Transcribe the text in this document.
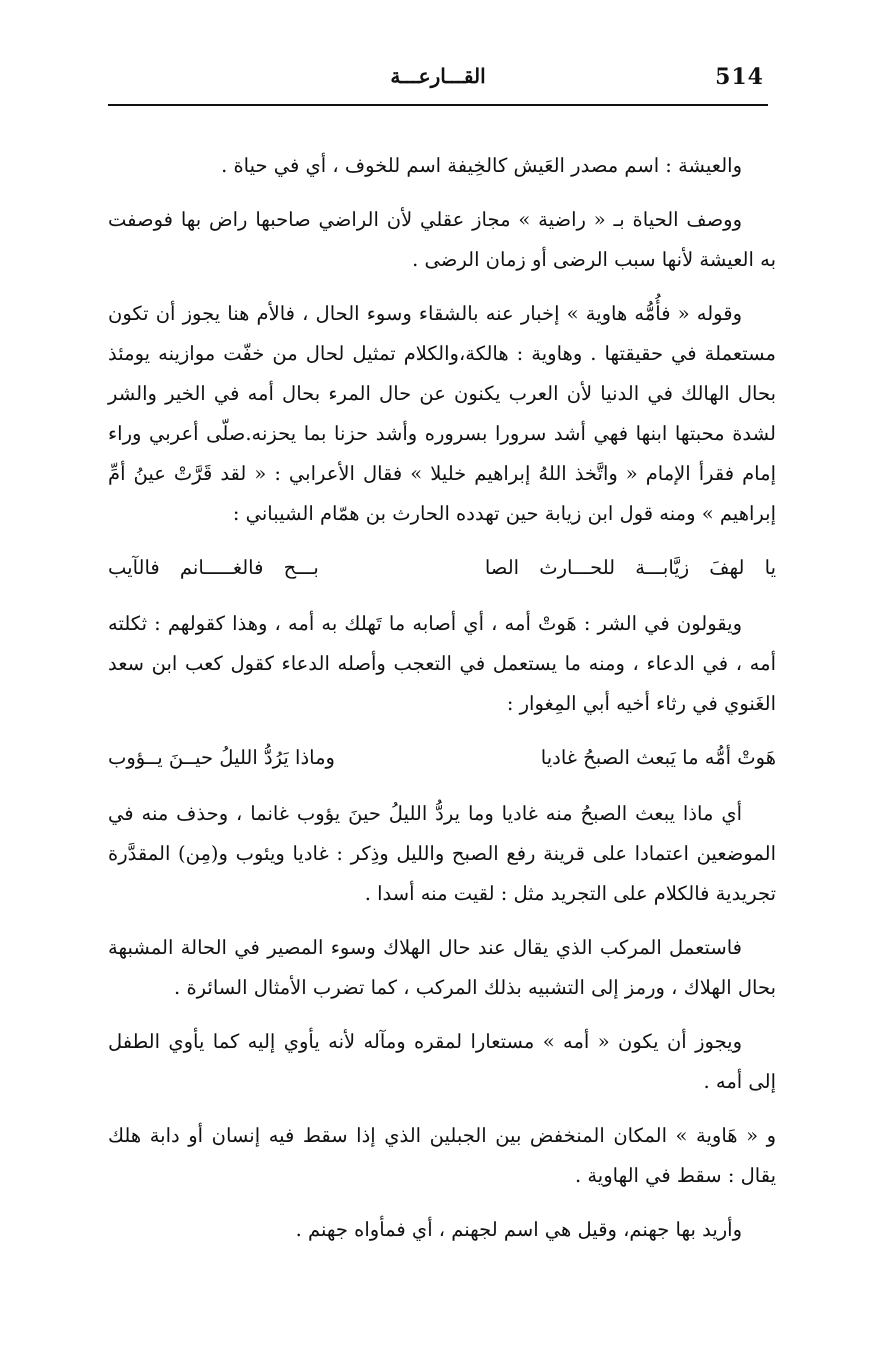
514
القـــارعـــة

والعيشة : اسم مصدر العَيش كالخِيفة اسم للخوف ، أي في حياة .

ووصف الحياة بـ « راضية » مجاز عقلي لأن الراضي صاحبها راض بها فوصفت به العيشة لأنها سبب الرضى أو زمان الرضى .

وقوله « فأُمُّه هاوية » إخبار عنه بالشقاء وسوء الحال ، فالأم هنا يجوز أن تكون مستعملة في حقيقتها . وهاوية : هالكة،والكلام تمثيل لحال من خفّت موازينه يومئذ بحال الهالك في الدنيا لأن العرب يكنون عن حال المرء بحال أمه في الخير والشر لشدة محبتها ابنها فهي أشد سرورا بسروره وأشد حزنا بما يحزنه.صلّى أعربي وراء إمام فقرأ الإمام « واتَّخذ اللهُ إبراهيم خليلا » فقال الأعرابي : « لقد قَرَّتْ عينُ أمِّ إبراهيم » ومنه قول ابن زيابة حين تهدده الحارث بن همّام الشيباني :

يا لهفَ زيَّابـــة للحـــارث الصا
بـــح فالغـــــانم فالآيب

ويقولون في الشر : هَوتْ أمه ، أي أصابه ما تَهلك به أمه ، وهذا كقولهم : ثكلته أمه ، في الدعاء ، ومنه ما يستعمل في التعجب وأصله الدعاء كقول كعب ابن سعد الغَنوي في رثاء أخيه أبي المِغوار :

هَوتْ أمُّه ما يَبعث الصبحُ غاديا
وماذا يَرُدُّ الليلُ حيــنَ يــؤوب

أي ماذا يبعث الصبحُ منه غاديا وما يردُّ الليلُ حينَ يؤوب غانما ، وحذف منه في الموضعين اعتمادا على قرينة رفع الصبح والليل وذِكر : غاديا ويئوب و(مِن) المقدَّرة تجريدية فالكلام على التجريد مثل : لقيت منه أسدا .

فاستعمل المركب الذي يقال عند حال الهلاك وسوء المصير في الحالة المشبهة بحال الهلاك ، ورمز إلى التشبيه بذلك المركب ، كما تضرب الأمثال السائرة .

ويجوز أن يكون « أمه » مستعارا لمقره ومآله لأنه يأوي إليه كما يأوي الطفل إلى أمه .

و « هَاوية » المكان المنخفض بين الجبلين الذي إذا سقط فيه إنسان أو دابة هلك يقال : سقط في الهاوية .

وأريد بها جهنم، وقيل هي اسم لجهنم ، أي فمأواه جهنم .
